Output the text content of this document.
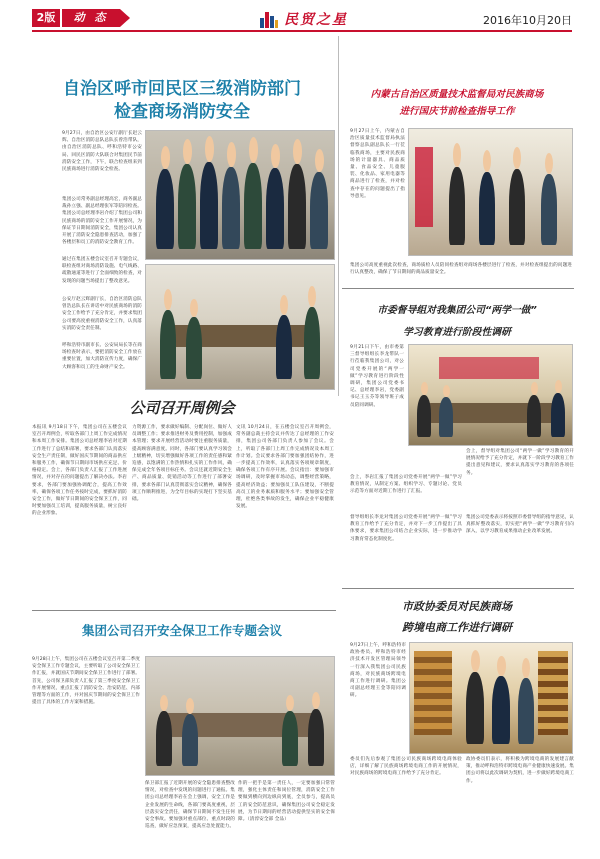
2版	动 态	民贸之星	2016年10月20日
自治区呼市回民区三级消防部门
检查商场消防安全
9月27日，由自治区公安厅副厅长赵云辉、自治区消防总队总队长曾浩带队，由自治区消防总队、呼和浩特市公安局、回民区消防大队联合对集团民节前消防安全工作，下午，联合检查组来到民族商场进行消防安全检查。
集团公司常务副总经理高宏，商务副总裁孙立强、副总经理张军等陪同检查。集团公司总经理李岩介绍了集团公司和民族商场的消防安全工作开展情况，为保证节日期间消防安全，集团公司认真开展了消防安全隐患排查活动，加强了各楼层和员工的消防安全教育工作。
通过在集团五楼会议室召开专题会议，联检查组对商场消防设施、电气线路、疏散通道等进行了全面细致的检查，对发现的问题当场提出了整改意见。
公安厅赵云辉副厅长，自治区消防总队曾浩总队长在讲话中对民族商场的消防安全工作给予了充分肯定，并要求集团公司要高度重视消防安全工作，认真落实消防安全责任制。
呼和浩特市副市长、公安局局长等在商场检查时表示，要把消防安全工作放在重要位置，加大消防宣传力度，确保广大顾客和员工的生命财产安全。
内蒙古自治区质量技术监督局对民族商场
进行国庆节前检查指导工作
9月27日上午，内蒙古自治区质量技术监督局执法督察总队副总队长一行莅临我商场，主要对民族商场的计量器具、商品质量、食品安全、儿童服装、化妆品、家用电器等商品进行了检查，并对检查中存在的问题提出了指导意见。
集团公司高度重视此次检查，商场质检人员陪同检查组对商场各楼层进行了检查，并对检查组提出的问题进行认真整改，确保了节日期间的商品质量安全。
市委督导组对我集团公司“两学一做”
学习教育进行阶段性调研
9月21日下午，由市委第三督导组组长李龙带队一行莅临我集团公司，对公司党委开展的“两学一做”学习教育进行阶段性调研，集团公司党委书记、总经理李岩，党委副书记王玉芬等领导班子成员陪同调研。
会上，李岩汇报了集团公司党委开展“两学一做”学习教育情况，从制定方案、组织学习、专题讨论、党员示范等方面对近期工作进行了汇报。
督导组组长李龙对集团公司党委开展“两学一做”学习教育工作给予了充分肯定，并对下一步工作提出了具体要求，要求集团公司结合企业实际，进一步推动学习教育常态化制度化。
会上，督导组对集团公司“两学一做”学习教育的开展情况给予了充分肯定，并就下一阶段学习教育工作提出意见和建议，要求认真落实学习教育的各项任务。
集团公司党委表示将按照市委督导组的指导意见，认真抓好整改落实，切实把“两学一做”学习教育引向深入，以学习教育成果推动企业改革发展。
公司召开周例会
本报讯 9月18日下午，集团公司在五楼会议室召开周例会，听取各部门上周工作完成情况和本周工作安排。集团公司总经理李岩对近期工作进行了总结和部署，要求各部门认真落实安全生产责任制，做好国庆节期间的商品供应和服务工作，确保节日期间市场供应充足、价格稳定。会上，各部门负责人汇报了工作进展情况，并对存在的问题提出了解决办法。李岩要求，各部门要加强协调配合，提高工作效率，确保各项工作任务按时完成，要抓好消防安全工作，做好节日期间的安全保卫工作，同时要加强员工培训，提高服务质量，树立良好的企业形象。
力资源工作，要求做好编制、分配岗位、做好人员调整工作；要求推进财务及费用控制，加强成本管理；要求开展经营活动时要注重服务质量，提高顾客满意度。同时，各部门要认真学习领会上级精神，切实增强做好各项工作的责任感和紧迫感，以饱满的工作热情和扎实的工作作风，确保完成全年各项目标任务。会议还就近期安全生产、商品质量、促销活动等工作进行了部署安排，要求各部门认真贯彻落实会议精神，确保各项工作顺利推进，为全年目标的实现打下坚实基础。
文讯 10月24日，在五楼会议室召开周例会，常务副总裁主持会议并传达了总经理的工作安排，集团公司各部门负责人参加了会议。会上，听取了各部门上周工作完成情况及本周工作计划。会议要求各部门要加强团结协作，进一步提高工作效率，认真落实各项规章制度，确保各项工作有序开展。会议指出：要加强市场调研，及时掌握市场动态，调整经营策略，提高经济效益；要加强员工队伍建设，不断提高员工的业务素质和服务水平；要加强安全管理，杜绝各类事故的发生，确保企业平稳健康发展。
集团公司召开安全保卫工作专题会议
9月28日上午，集团公司在五楼会议室召开第二季度安全保卫工作专题会议，主要听取了公司安全保卫工作汇报，并就国庆节期间安全保卫工作进行了部署。首先，公司保卫部负责人汇报了第三季度安全保卫工作开展情况，重点汇报了消防安全、治安防范、内部管理等方面的工作，并对国庆节期间的安全保卫工作提出了具体的工作方案和措施。
保卫部汇报了近期开展的安全隐患排查整改情况，对检查中发现的问题进行了通报。集团公司总经理李岩在会上强调，安全工作是企业发展的生命线，各部门要高度重视，层层落实安全责任，确保节日期间不发生任何安全事故。要加强对重点部位、重点时段的巡查，做好应急预案，提高应急处置能力。
作的一把手是第一责任人，一定要加强日常管理，强化主体责任和岗位管理，消防安全工作要做到横向到边纵向到底，全员参与，提高员工的安全防范意识，确保集团公司安全稳定发展，为节日期间的经营活动提供坚实的安全保障。（清淳安全部 全品）
市政协委员对民族商场
跨境电商工作进行调研
9月27日上午，呼和浩特市政协委员、呼和浩特市经济技术开发区管理局领导一行深入我集团公司民族商场，对民族商场跨境电商工作进行调研。集团公司副总经理王金等陪同调研。
委员们先后参观了集团公司民族商场跨境电商体验店，详细了解了民族商场跨境电商工作的开展情况，对民族商场的跨境电商工作给予了充分肯定。
政协委员们表示，将积极为跨境电商的发展建言献策，推动呼和浩特市跨境电商产业健康快速发展。集团公司将以此次调研为契机，进一步做好跨境电商工作。
